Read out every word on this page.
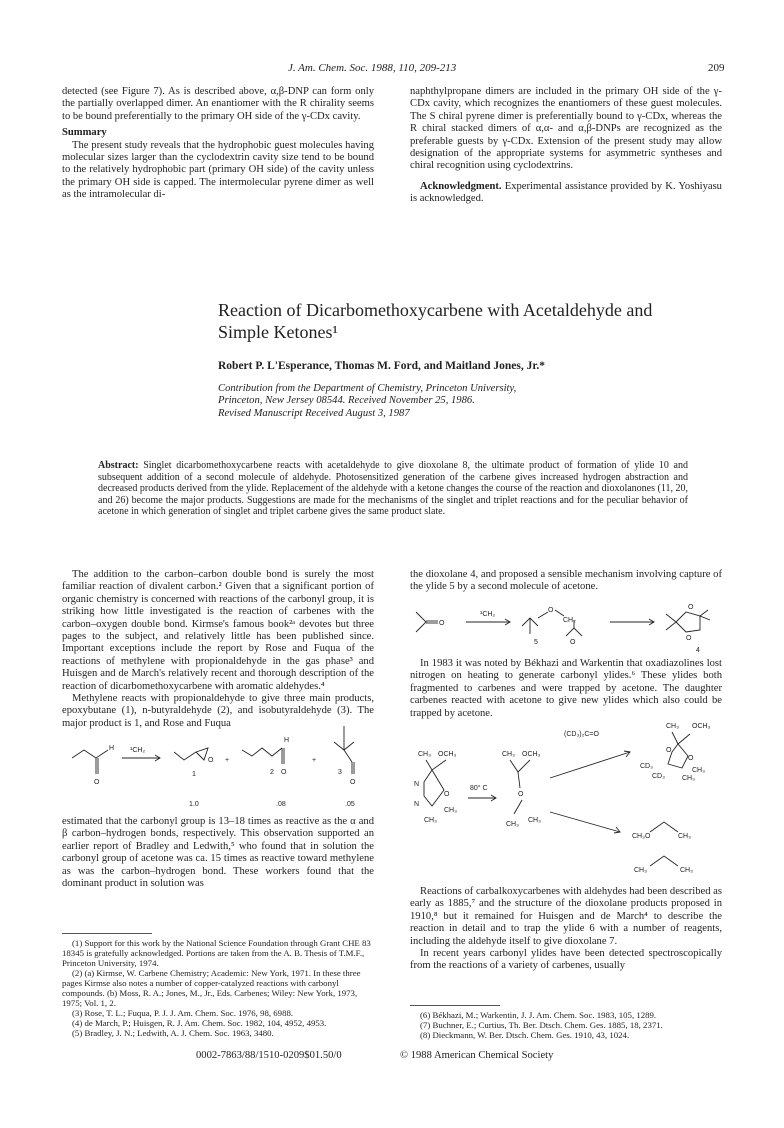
J. Am. Chem. Soc. 1988, 110, 209-213	209

detected (see Figure 7). As is described above, α,β-DNP can form only the partially overlapped dimer. An enantiomer with the R chirality seems to be bound preferentially to the primary OH side of the γ-CDx cavity.

Summary

The present study reveals that the hydrophobic guest molecules having molecular sizes larger than the cyclodextrin cavity size tend to be bound to the relatively hydrophobic part (primary OH side) of the cavity unless the primary OH side is capped. The intermolecular pyrene dimer as well as the intramolecular di-

naphthylpropane dimers are included in the primary OH side of the γ-CDx cavity, which recognizes the enantiomers of these guest molecules. The S chiral pyrene dimer is preferentially bound to γ-CDx, whereas the R chiral stacked dimers of α,α- and α,β-DNPs are recognized as the preferable guests by γ-CDx. Extension of the present study may allow designation of the appropriate systems for asymmetric syntheses and chiral recognition using cyclodextrins.

Acknowledgment. Experimental assistance provided by K. Yoshiyasu is acknowledged.

Reaction of Dicarbomethoxycarbene with Acetaldehyde and
Simple Ketones¹
Robert P. L'Esperance, Thomas M. Ford, and Maitland Jones, Jr.*
Contribution from the Department of Chemistry, Princeton University,
Princeton, New Jersey 08544. Received November 25, 1986.
Revised Manuscript Received August 3, 1987
Abstract: Singlet dicarbomethoxycarbene reacts with acetaldehyde to give dioxolane 8, the ultimate product of formation of ylide 10 and subsequent addition of a second molecule of aldehyde. Photosensitized generation of the carbene gives increased hydrogen abstraction and decreased products derived from the ylide. Replacement of the aldehyde with a ketone changes the course of the reaction and dioxolanones (11, 20, and 26) become the major products. Suggestions are made for the mechanisms of the singlet and triplet reactions and for the peculiar behavior of acetone in which generation of singlet and triplet carbene gives the same product slate.

The addition to the carbon–carbon double bond is surely the most familiar reaction of divalent carbon.² Given that a significant portion of organic chemistry is concerned with reactions of the carbonyl group, it is striking how little investigated is the reaction of carbenes with the carbon–oxygen double bond. Kirmse's famous book²ᵃ devotes but three pages to the subject, and relatively little has been published since. Important exceptions include the report by Rose and Fuqua of the reactions of methylene with propionaldehyde in the gas phase³ and Huisgen and de March's relatively recent and thorough description of the reaction of dicarbomethoxycarbene with aromatic aldehydes.⁴

Methylene reacts with propionaldehyde to give three main products, epoxybutane (1), n-butyraldehyde (2), and isobutyraldehyde (3). The major product is 1, and Rose and Fuqua

O
H ¹CH₂
O
1
+
H
2 O
+
3
O
1.0	.08	.05

estimated that the carbonyl group is 13–18 times as reactive as the α and β carbon–hydrogen bonds, respectively. This observation supported an earlier report of Bradley and Ledwith,⁵ who found that in solution the carbonyl group of acetone was ca. 15 times as reactive toward methylene as was the carbon–hydrogen bond. These workers found that the dominant product in solution was

the dioxolane 4, and proposed a sensible mechanism involving capture of the ylide 5 by a second molecule of acetone.

O
¹CH₂
O
CH₂
5	O
O
O
4

In 1983 it was noted by Békhazi and Warkentin that oxadiazolines lost nitrogen on heating to generate carbonyl ylides.⁶ These ylides both fragmented to carbenes and were trapped by acetone. The daughter carbenes reacted with acetone to give new ylides which also could be trapped by acetone.

CH₃ OCH₃
O
O
CD₃
CD₃
CH₃
CH₃
CH₃ OCH₃
N
N
O
CH₃
CH₃
80° C
CH₃ OCH₃
O
CH₃
CH₃
(CD₃)₂C=O
CH₃O	CH₃
CH₃	CH₃

Reactions of carbalkoxycarbenes with aldehydes had been described as early as 1885,⁷ and the structure of the dioxolane products proposed in 1910,⁸ but it remained for Huisgen and de March⁴ to describe the reaction in detail and to trap the ylide 6 with a number of reagents, including the aldehyde itself to give dioxolane 7.

In recent years carbonyl ylides have been detected spectroscopically from the reactions of a variety of carbenes, usually

(1) Support for this work by the National Science Foundation through Grant CHE 83 18345 is gratefully acknowledged. Portions are taken from the A. B. Thesis of T.M.F., Princeton University, 1974.
(2) (a) Kirmse, W. Carbene Chemistry; Academic: New York, 1971. In these three pages Kirmse also notes a number of copper-catalyzed reactions with carbonyl compounds. (b) Moss, R. A.; Jones, M., Jr., Eds. Carbenes; Wiley: New York, 1973, 1975; Vol. 1, 2.
(3) Rose, T. L.; Fuqua, P. J. J. Am. Chem. Soc. 1976, 98, 6988.
(4) de March, P.; Huisgen, R. J. Am. Chem. Soc. 1982, 104, 4952, 4953.
(5) Bradley, J. N.; Ledwith, A. J. Chem. Soc. 1963, 3480.
(6) Békhazi, M.; Warkentin, J. J. Am. Chem. Soc. 1983, 105, 1289.
(7) Buchner, E.; Curtius, Th. Ber. Dtsch. Chem. Ges. 1885, 18, 2371.
(8) Dieckmann, W. Ber. Dtsch. Chem. Ges. 1910, 43, 1024.
0002-7863/88/1510-0209$01.50/0	© 1988 American Chemical Society
